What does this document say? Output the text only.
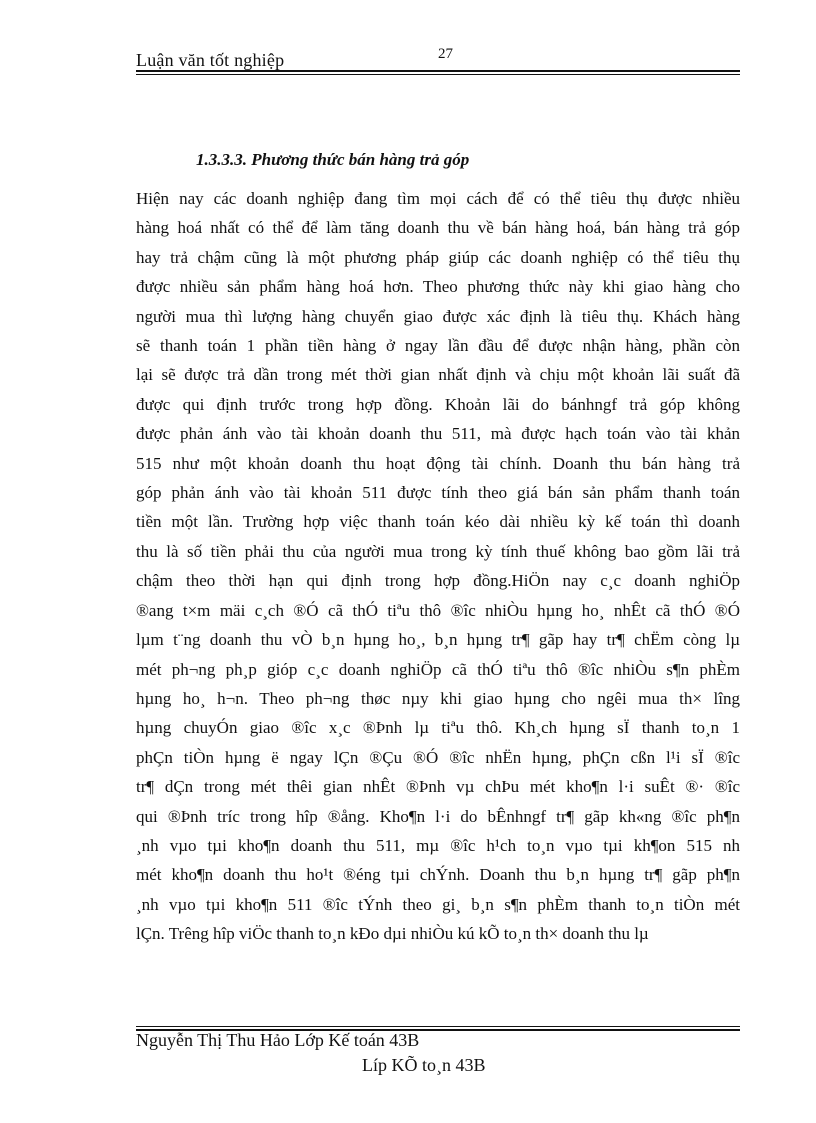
Luận văn tốt nghiệp	27
1.3.3.3. Phương thức bán hàng trả góp
Hiện nay các doanh nghiệp đang tìm mọi cách để có thể tiêu thụ được nhiều
hàng hoá nhất có thể để làm tăng doanh thu về bán hàng hoá, bán hàng trả góp
hay trả chậm cũng là một phương pháp giúp các doanh nghiệp có thể tiêu thụ
được nhiều sản phẩm hàng hoá hơn. Theo phương thức này khi giao hàng cho
người mua thì lượng hàng chuyển giao được xác định là tiêu thụ. Khách hàng
sẽ thanh toán 1 phần tiền hàng ở ngay lần đầu để được nhận hàng, phần còn
lại sẽ được trả dần trong mét thời gian nhất định và chịu một khoản lãi suất đã
được qui định trước trong hợp đồng. Khoản lãi do bánhngf trả góp không
được phản ánh vào tài khoản doanh thu 511, mà được hạch toán vào tài khản
515 như một khoản doanh thu hoạt động tài chính. Doanh thu bán hàng trả
góp phản ánh vào tài khoản 511 được tính theo giá bán sản phẩm thanh toán
tiền một lần. Trường hợp việc thanh toán kéo dài nhiều kỳ kế toán thì doanh
thu là số tiền phải thu của người mua trong kỳ tính thuế không bao gồm lãi trả
chậm theo thời hạn qui định trong hợp đồng.HiÖn nay c¸c doanh nghiÖp
®ang t×m mäi c¸ch ®Ó cã thÓ tiªu thô ®îc nhiÒu hµng ho¸ nhÊt cã thÓ ®Ó
lµm t¨ng doanh thu vÒ b¸n hµng ho¸, b¸n hµng tr¶ gãp hay tr¶ chËm còng lµ
mét ph¬ng ph¸p gióp c¸c doanh nghiÖp cã thÓ tiªu thô ®îc nhiÒu s¶n phÈm
hµng ho¸ h¬n. Theo ph¬ng thøc nµy khi giao hµng cho ngêi mua th× lîng
hµng chuyÓn giao ®îc x¸c ®Þnh lµ tiªu thô. Kh¸ch hµng sÏ thanh to¸n 1
phÇn tiÒn hµng ë ngay lÇn ®Çu ®Ó ®îc nhËn hµng, phÇn cßn l¹i sÏ ®îc
tr¶ dÇn trong mét thêi gian nhÊt ®Þnh vµ chÞu mét kho¶n l·i suÊt ®· ®îc
qui ®Þnh tríc trong hîp ®ång. Kho¶n l·i do bÊnhngf tr¶ gãp kh«ng ®îc ph¶n
¸nh vµo tµi kho¶n doanh thu 511, mµ ®îc h¹ch to¸n vµo tµi kh¶on 515 nh
mét kho¶n doanh thu ho¹t ®éng tµi chÝnh. Doanh thu b¸n hµng tr¶ gãp ph¶n
¸nh vµo tµi kho¶n 511 ®îc tÝnh theo gi¸ b¸n s¶n phÈm thanh to¸n tiÒn mét
lÇn. Trêng hîp viÖc thanh to¸n kÐo dµi nhiÒu kú kÕ to¸n th× doanh thu lµ
Nguyễn Thị Thu Hảo Lớp Kế toán 43B
Líp KÕ to¸n 43B
